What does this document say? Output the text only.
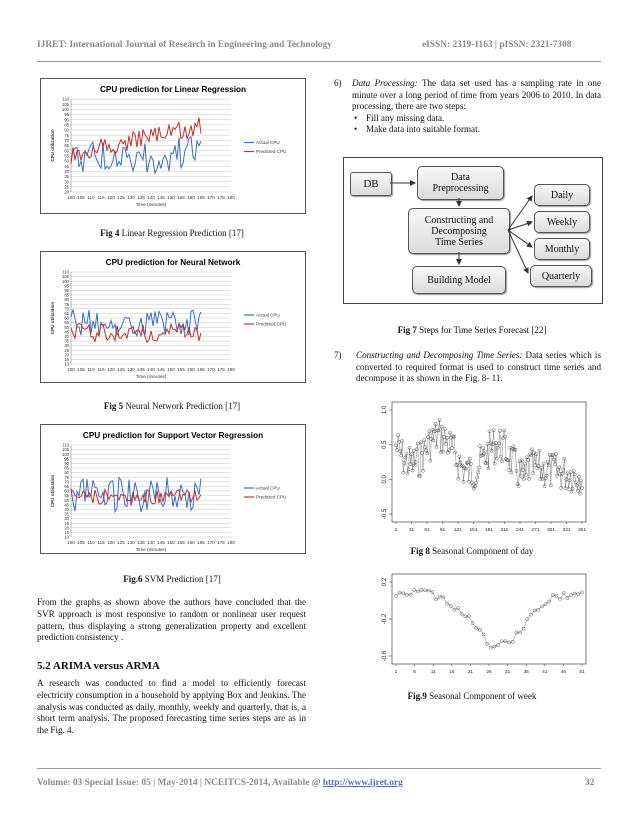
IJRET: International Journal of Research in Engineering and Technology	eISSN: 2319-1163 | pISSN: 2321-7308
CPU prediction for Linear Regression
110
105
100
95
90
85
80
75
70
65
60
55
50
45
40
35
30
25
20
100 105 110 115 120 125 130 135 140 145 150 155 160 165 170 175 180
Time (minutes)
CPU utilization	Actual CPU
Predicted CPU
Fig 4 Linear Regression Prediction [17]
CPU prediction for Neural Network
110
105
100
95
90
85
80
75
70
65
60
55
50
45
40
35
30
25
20
15
10
100 105 110 115 120 125 130 135 140 145 150 155 160 165 170 175 180
Time (minutes)
CPU utilization	Actual CPU
Predicted CPU
Fig 5 Neural Network Prediction [17]
CPU prediction for Support Vector Regression
110
105
100
95
90
85
80
75
70
65
60
55
50
45
40
35
30
25
20
15
10
100 105 110 115 120 125 130 135 140 145 150 155 160 165 170 175 180
Time (minutes)
CPU utilization	Actual CPU
Predicted CPU
Fig.6 SVM Prediction [17]
From the graphs as shown above the authors have concluded that the SVR approach is most responsive to random or nonlinear user request pattern, thus displaying a strong generalization property and excellent prediction consistency .
5.2 ARIMA versus ARMA
A research was conducted to find a model to efficiently forecast electricity consumption in a household by applying Box and Jenkins. The analysis was conducted as daily, monthly, weekly and quarterly, that is, a short term analysis. The proposed forecasting time series steps are as in the Fig. 4.
6)	Data Processing: The data set used has a sampling rate in one minute over a long period of time from years 2006 to 2010. In data processing, there are two steps:
• Fill any missing data.
• Make data into suitable format.
DB	Data
Preprocessing
Constructing and
Decomposing
Time Series
Building Model
Daily
Weekly
Monthly
Quarterly
Fig 7 Steps for Time Series Forecast [22]
7)	Constructing and Decomposing Time Series: Data series which is converted to required format is used to construct time series and decompose it as shown in the Fig. 8- 11.
1.0
0.5
0.0
-0.5
1 31 61 91 121 151 181 211 241 271 301 331 361
Fig 8 Seasonal Component of day
0.2
-0.2
-0.6
1	6	11	16	21	26	31	36	41	46	51
Fig.9 Seasonal Component of week
Volume: 03 Special Issue: 05 | May-2014 | NCEITCS-2014, Available @ http://www.ijret.org	32
